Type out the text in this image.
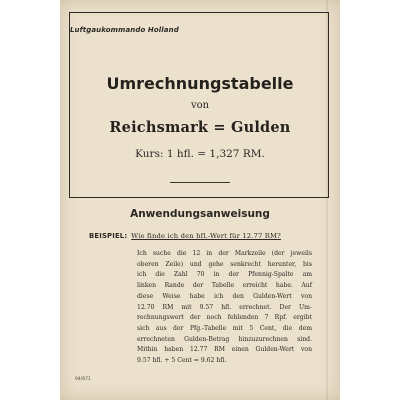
Luftgaukommando Holland

Umrechnungstabelle

von

Reichsmark = Gulden

Kurs: 1 hfl. = 1,327 RM.

Anwendungsanweisung
BEISPIEL: Wie finde ich den hfl.-Wert für 12.77 RM?
Ich suche die 12 in der Markzeile (der jeweils
oberen Zeile) und gehe senkrecht herunter, bis
ich die Zahl 70 in der Pfennig-Spalte am
linken Rande der Tabelle erreicht habe. Auf
diese Weise habe ich den Gulden-Wert von
12.70 RM mit 9.57 hfl. errechnet. Der Um-
rechnungswert der noch fehlenden 7 Rpf. ergibt
sich aus der Pfg.-Tabelle mit 5 Cent, die dem
errechneten Gulden-Betrag hinzuzurechnen sind.
Mithin haben 12.77 RM einen Gulden-Wert von
9.57 hfl. + 5 Cent = 9.62 hfl.
94/671
